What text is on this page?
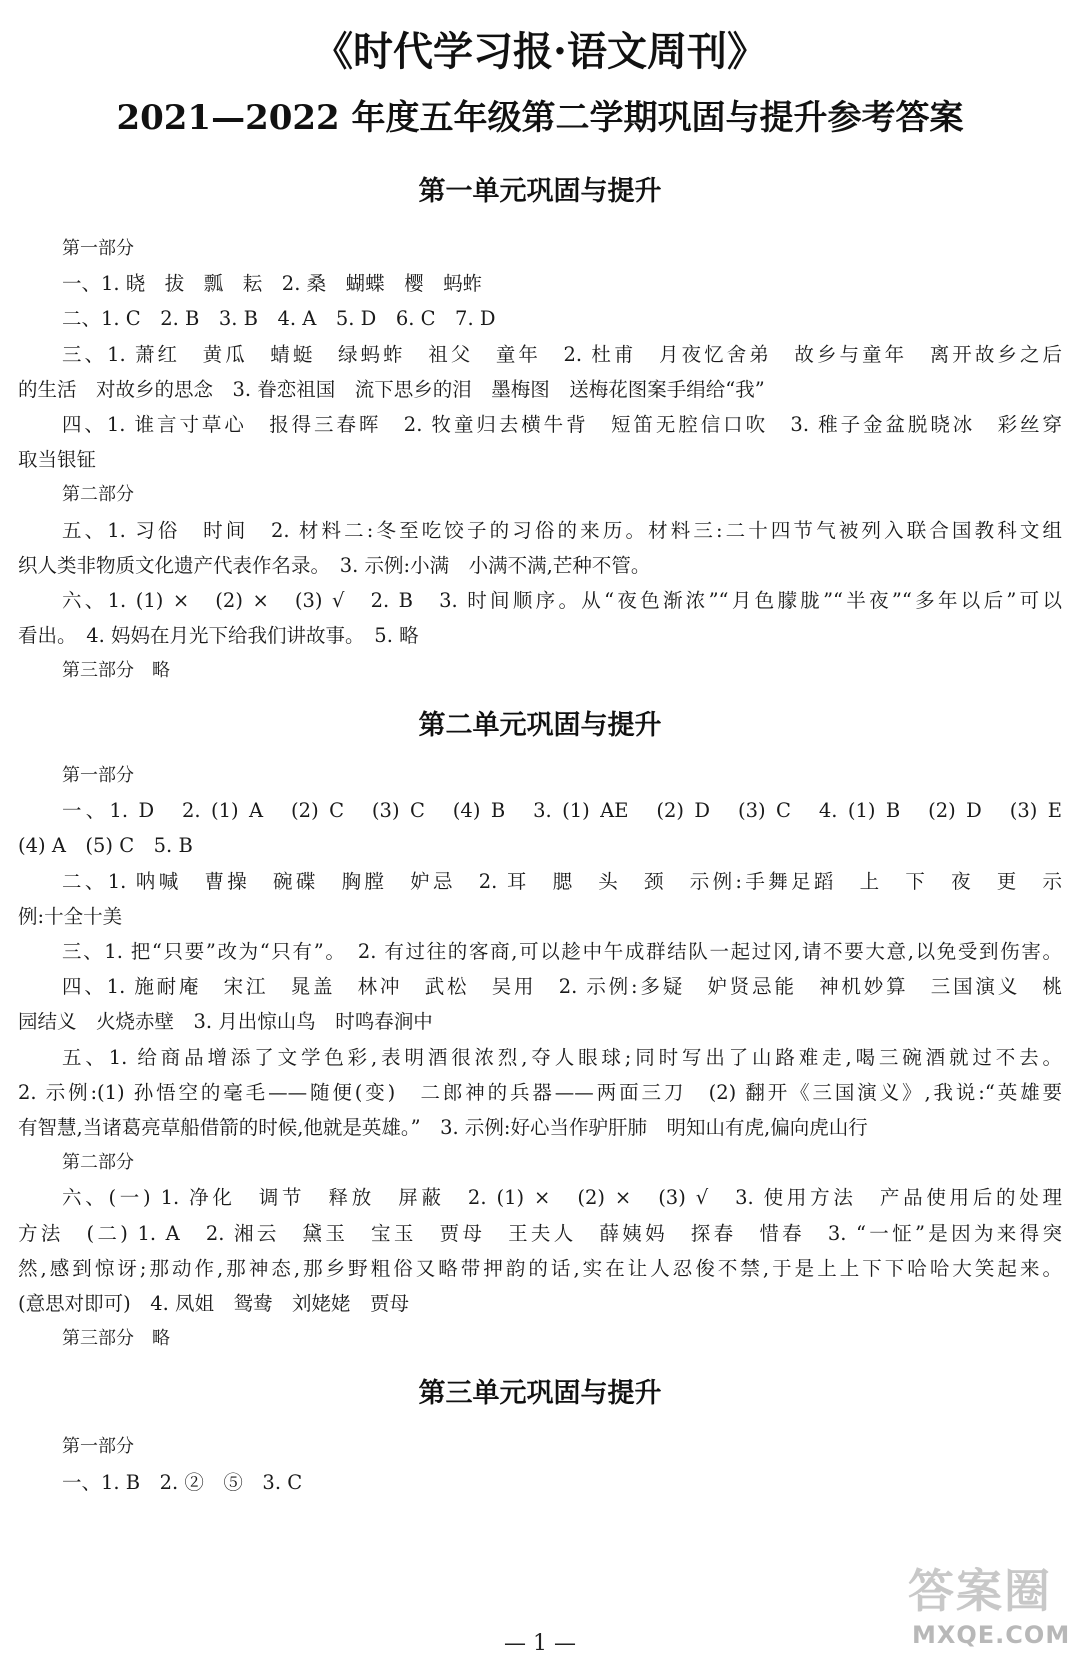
《时代学习报·语文周刊》
2021—2022 年度五年级第二学期巩固与提升参考答案
第一单元巩固与提升
第一部分
一、1. 晓　拔　瓢　耘　2. 桑　蝴蝶　樱　蚂蚱
二、1. C　2. B　3. B　4. A　5. D　6. C　7. D
三、1. 萧红　黄瓜　蜻蜓　绿蚂蚱　祖父　童年　2. 杜甫　月夜忆舍弟　故乡与童年　离开故乡之后
的生活　对故乡的思念　3. 眷恋祖国　流下思乡的泪　墨梅图　送梅花图案手绢给“我”
四、1. 谁言寸草心　报得三春晖　2. 牧童归去横牛背　短笛无腔信口吹　3. 稚子金盆脱晓冰　彩丝穿
取当银钲
第二部分
五、1. 习俗　时间　2. 材料二:冬至吃饺子的习俗的来历。材料三:二十四节气被列入联合国教科文组
织人类非物质文化遗产代表作名录。　3. 示例:小满　小满不满,芒种不管。
六、1. (1) ×　(2) ×　(3) √　2. B　3. 时间顺序。从“夜色渐浓”“月色朦胧”“半夜”“多年以后”可以
看出。　4. 妈妈在月光下给我们讲故事。　5. 略
第三部分　略
第二单元巩固与提升
第一部分
一、1. D　2. (1) A　(2) C　(3) C　(4) B　3. (1) AE　(2) D　(3) C　4. (1) B　(2) D　(3) E
(4) A　(5) C　5. B
二、1. 呐喊　曹操　碗碟　胸膛　妒忌　2. 耳　腮　头　颈　示例:手舞足蹈　上　下　夜　更　示
例:十全十美
三、1. 把“只要”改为“只有”。　2. 有过往的客商,可以趁中午成群结队一起过冈,请不要大意,以免受到伤害。
四、1. 施耐庵　宋江　晁盖　林冲　武松　吴用　2. 示例:多疑　妒贤忌能　神机妙算　三国演义　桃
园结义　火烧赤壁　3. 月出惊山鸟　时鸣春涧中
五、1. 给商品增添了文学色彩,表明酒很浓烈,夺人眼球;同时写出了山路难走,喝三碗酒就过不去。
2. 示例:(1) 孙悟空的毫毛——随便(变)　二郎神的兵器——两面三刀　(2) 翻开《三国演义》,我说:“英雄要
有智慧,当诸葛亮草船借箭的时候,他就是英雄。”　3. 示例:好心当作驴肝肺　明知山有虎,偏向虎山行
第二部分
六、(一) 1. 净化　调节　释放　屏蔽　2. (1) ×　(2) ×　(3) √　3. 使用方法　产品使用后的处理
方法　(二) 1. A　2. 湘云　黛玉　宝玉　贾母　王夫人　薛姨妈　探春　惜春　3. “一怔”是因为来得突
然,感到惊讶;那动作,那神态,那乡野粗俗又略带押韵的话,实在让人忍俊不禁,于是上上下下哈哈大笑起来。
(意思对即可)　4. 凤姐　鸳鸯　刘姥姥　贾母
第三部分　略
第三单元巩固与提升
第一部分
一、1. B　2. ②　⑤　3. C
答案圈
MXQE.COM
— 1 —
